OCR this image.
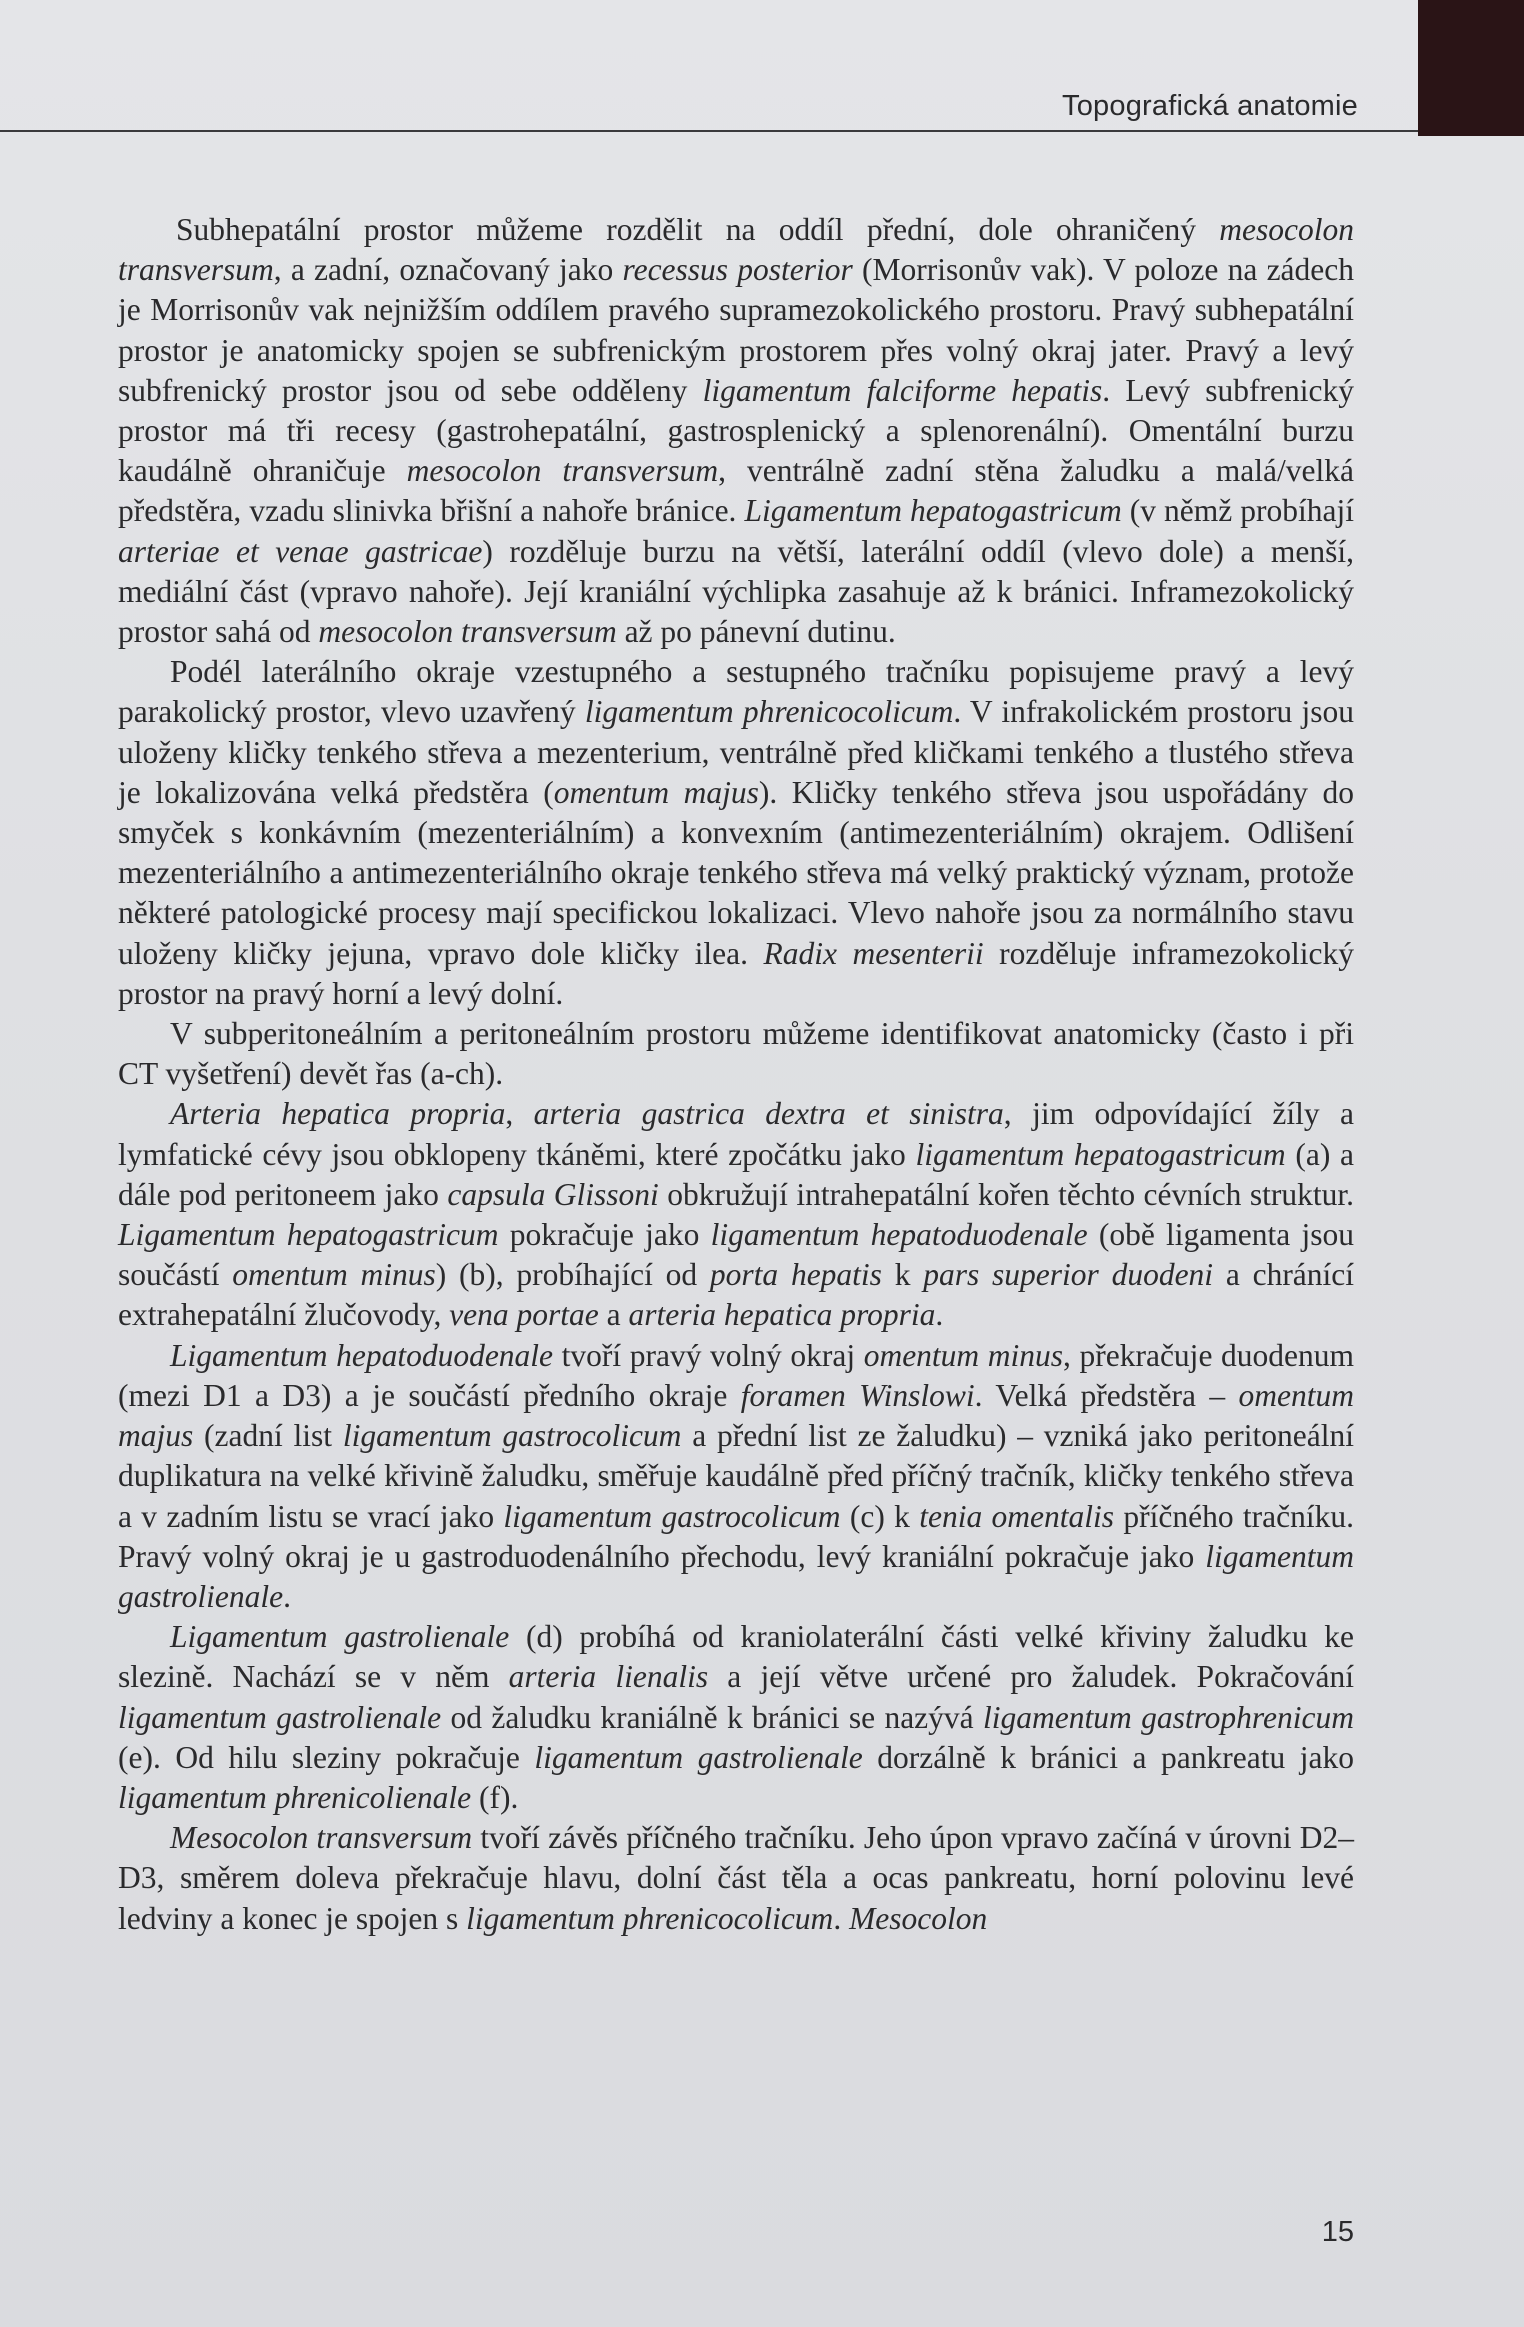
Topografická anatomie

Subhepatální prostor můžeme rozdělit na oddíl přední, dole ohraničený mesocolon transversum, a zadní, označovaný jako recessus posterior (Morrisonův vak). V poloze na zádech je Morrisonův vak nejnižším oddílem pravého supramezokolického prostoru. Pravý subhepatální prostor je anatomicky spojen se subfrenickým prostorem přes volný okraj jater. Pravý a levý subfrenický prostor jsou od sebe odděleny ligamentum falciforme hepatis. Levý subfrenický prostor má tři recesy (gastrohepatální, gastrosplenický a splenorenální). Omentální burzu kaudálně ohraničuje mesocolon transversum, ventrálně zadní stěna žaludku a malá/velká předstěra, vzadu slinivka břišní a nahoře bránice. Ligamentum hepatogastricum (v němž probíhají arteriae et venae gastricae) rozděluje burzu na větší, laterální oddíl (vlevo dole) a menší, mediální část (vpravo nahoře). Její kraniální výchlipka zasahuje až k bránici. Inframezokolický prostor sahá od mesocolon transversum až po pánevní dutinu.

Podél laterálního okraje vzestupného a sestupného tračníku popisujeme pravý a levý parakolický prostor, vlevo uzavřený ligamentum phrenicocolicum. V infrakolickém prostoru jsou uloženy kličky tenkého střeva a mezenterium, ventrálně před kličkami tenkého a tlustého střeva je lokalizována velká předstěra (omentum majus). Kličky tenkého střeva jsou uspořádány do smyček s konkávním (mezenteriálním) a konvexním (antimezenteriálním) okrajem. Odlišení mezenteriálního a antimezenteriálního okraje tenkého střeva má velký praktický význam, protože některé patologické procesy mají specifickou lokalizaci. Vlevo nahoře jsou za normálního stavu uloženy kličky jejuna, vpravo dole kličky ilea. Radix mesenterii rozděluje inframezokolický prostor na pravý horní a levý dolní.

V subperitoneálním a peritoneálním prostoru můžeme identifikovat anatomicky (často i při CT vyšetření) devět řas (a-ch).

Arteria hepatica propria, arteria gastrica dextra et sinistra, jim odpovídající žíly a lymfatické cévy jsou obklopeny tkáněmi, které zpočátku jako ligamentum hepatogastricum (a) a dále pod peritoneem jako capsula Glissoni obkružují intrahepatální kořen těchto cévních struktur. Ligamentum hepatogastricum pokračuje jako ligamentum hepatoduodenale (obě ligamenta jsou součástí omentum minus) (b), probíhající od porta hepatis k pars superior duodeni a chránící extrahepatální žlučovody, vena portae a arteria hepatica propria.

Ligamentum hepatoduodenale tvoří pravý volný okraj omentum minus, překračuje duodenum (mezi D1 a D3) a je součástí předního okraje foramen Winslowi. Velká předstěra – omentum majus (zadní list ligamentum gastrocolicum a přední list ze žaludku) – vzniká jako peritoneální duplikatura na velké křivině žaludku, směřuje kaudálně před příčný tračník, kličky tenkého střeva a v zadním listu se vrací jako ligamentum gastrocolicum (c) k tenia omentalis příčného tračníku. Pravý volný okraj je u gastroduodenálního přechodu, levý kraniální pokračuje jako ligamentum gastrolienale.

Ligamentum gastrolienale (d) probíhá od kraniolaterální části velké křiviny žaludku ke slezině. Nachází se v něm arteria lienalis a její větve určené pro žaludek. Pokračování ligamentum gastrolienale od žaludku kraniálně k bránici se nazývá ligamentum gastrophrenicum (e). Od hilu sleziny pokračuje ligamentum gastrolienale dorzálně k bránici a pankreatu jako ligamentum phrenicolienale (f).

Mesocolon transversum tvoří závěs příčného tračníku. Jeho úpon vpravo začíná v úrovni D2– D3, směrem doleva překračuje hlavu, dolní část těla a ocas pankreatu, horní polovinu levé ledviny a konec je spojen s ligamentum phrenicocolicum. Mesocolon

15
